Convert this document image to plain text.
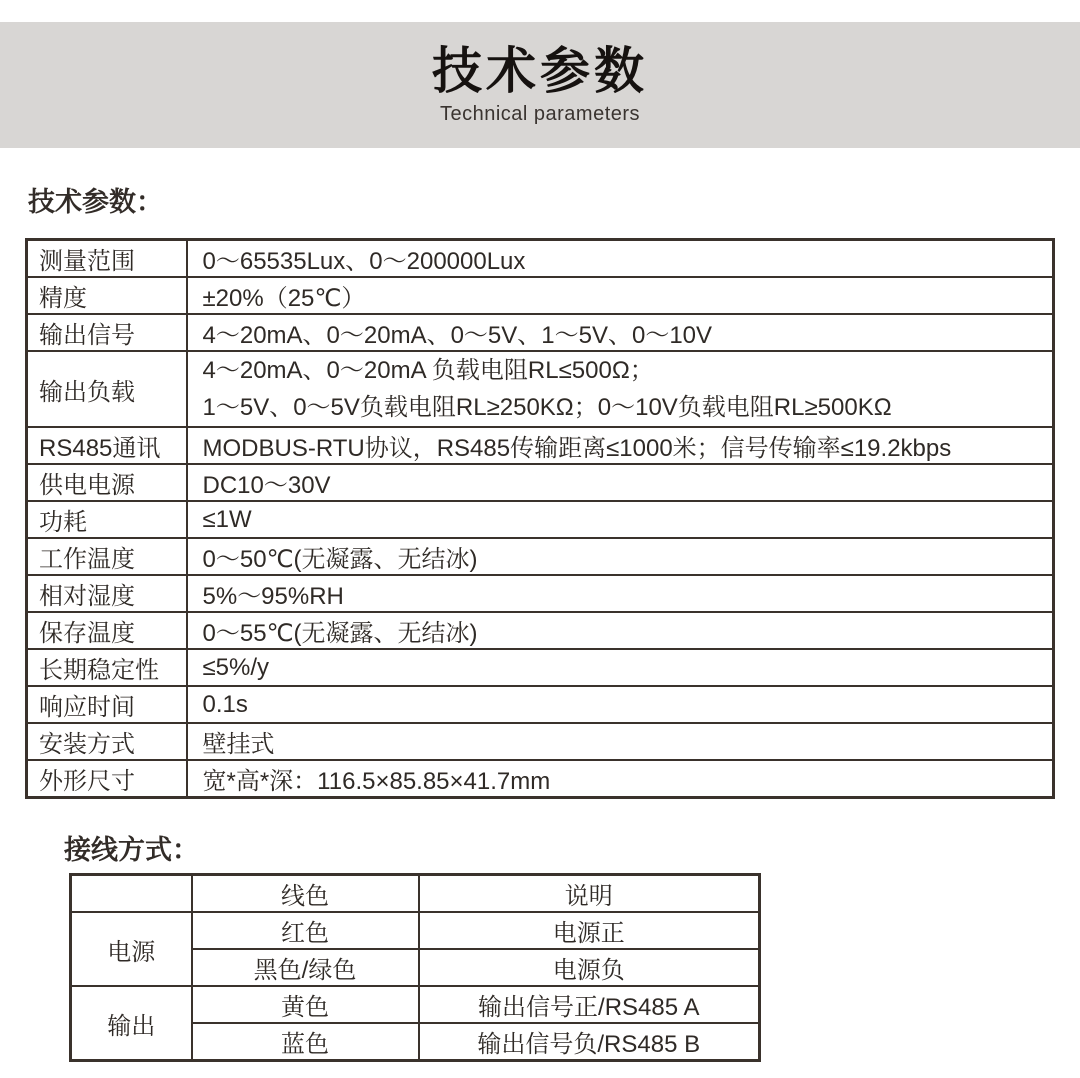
技术参数
Technical parameters
技术参数：
测量范围	0～65535Lux、0～200000Lux
精度	±20%（25℃）
输出信号	4～20mA、0～20mA、0～5V、1～5V、0～10V
输出负载	4～20mA、0～20mA 负载电阻RL≤500Ω；
1～5V、0～5V负载电阻RL≥250KΩ；0～10V负载电阻RL≥500KΩ

RS485通讯	MODBUS-RTU协议，RS485传输距离≤1000米；信号传输率≤19.2kbps
供电电源	DC10～30V
功耗	≤1W
工作温度	0～50℃(无凝露、无结冰)
相对湿度	5%～95%RH
保存温度	0～55℃(无凝露、无结冰)
长期稳定性	≤5%/y
响应时间	0.1s
安装方式	壁挂式
外形尺寸	宽*高*深：116.5×85.85×41.7mm
接线方式：
	线色	说明
电源	红色	电源正
	黑色/绿色	电源负
输出	黄色	输出信号正/RS485 A
	蓝色	输出信号负/RS485 B
